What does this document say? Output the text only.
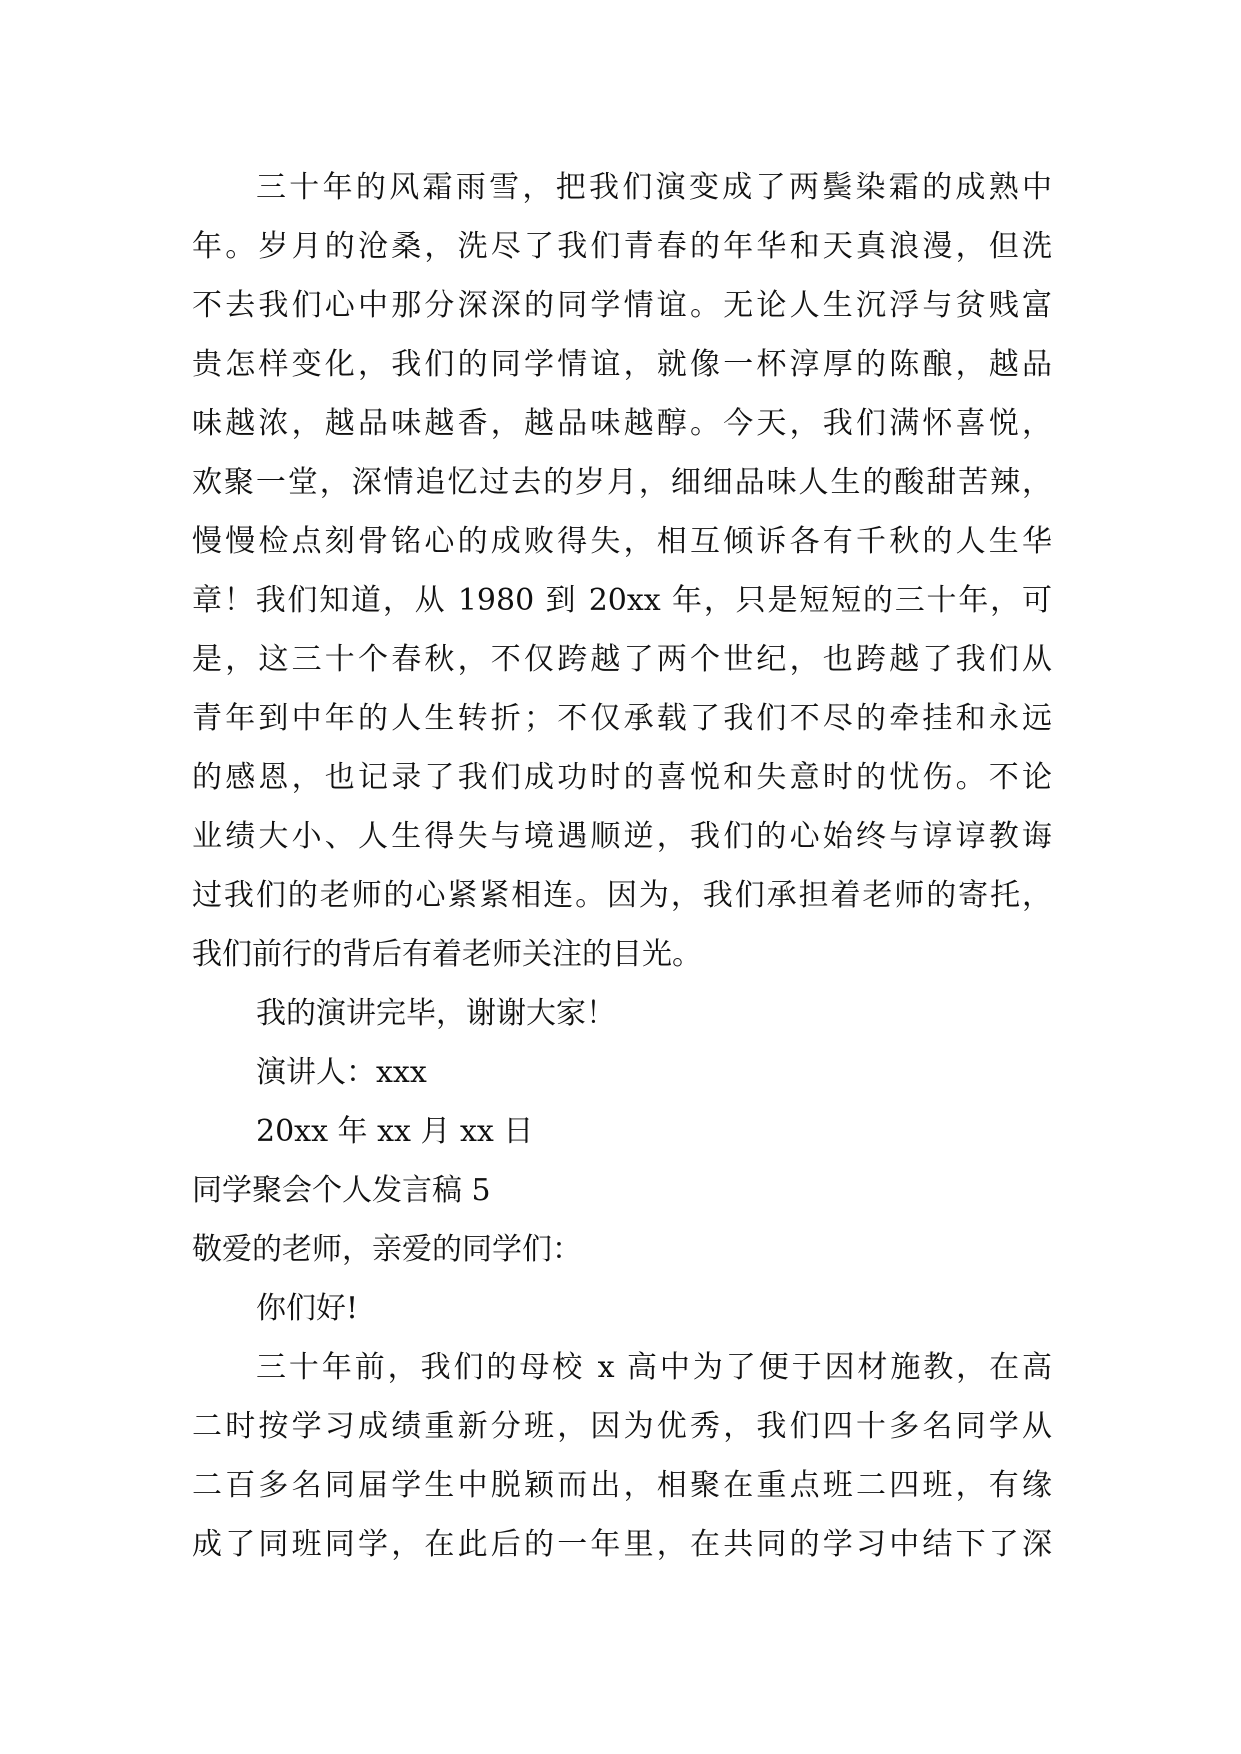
三十年的风霜雨雪，把我们演变成了两鬓染霜的成熟中
年。岁月的沧桑，洗尽了我们青春的年华和天真浪漫，但洗
不去我们心中那分深深的同学情谊。无论人生沉浮与贫贱富
贵怎样变化，我们的同学情谊，就像一杯淳厚的陈酿，越品
味越浓，越品味越香，越品味越醇。今天，我们满怀喜悦，
欢聚一堂，深情追忆过去的岁月，细细品味人生的酸甜苦辣，
慢慢检点刻骨铭心的成败得失，相互倾诉各有千秋的人生华
章！我们知道，从 1980 到 20xx 年，只是短短的三十年，可
是，这三十个春秋，不仅跨越了两个世纪，也跨越了我们从
青年到中年的人生转折；不仅承载了我们不尽的牵挂和永远
的感恩，也记录了我们成功时的喜悦和失意时的忧伤。不论
业绩大小、人生得失与境遇顺逆，我们的心始终与谆谆教诲
过我们的老师的心紧紧相连。因为，我们承担着老师的寄托，
我们前行的背后有着老师关注的目光。
我的演讲完毕，谢谢大家！
演讲人：xxx
20xx 年 xx 月 xx 日
同学聚会个人发言稿 5
敬爱的老师，亲爱的同学们：
你们好!
三十年前，我们的母校 x 高中为了便于因材施教，在高
二时按学习成绩重新分班，因为优秀，我们四十多名同学从
二百多名同届学生中脱颖而出，相聚在重点班二四班，有缘
成了同班同学，在此后的一年里，在共同的学习中结下了深
